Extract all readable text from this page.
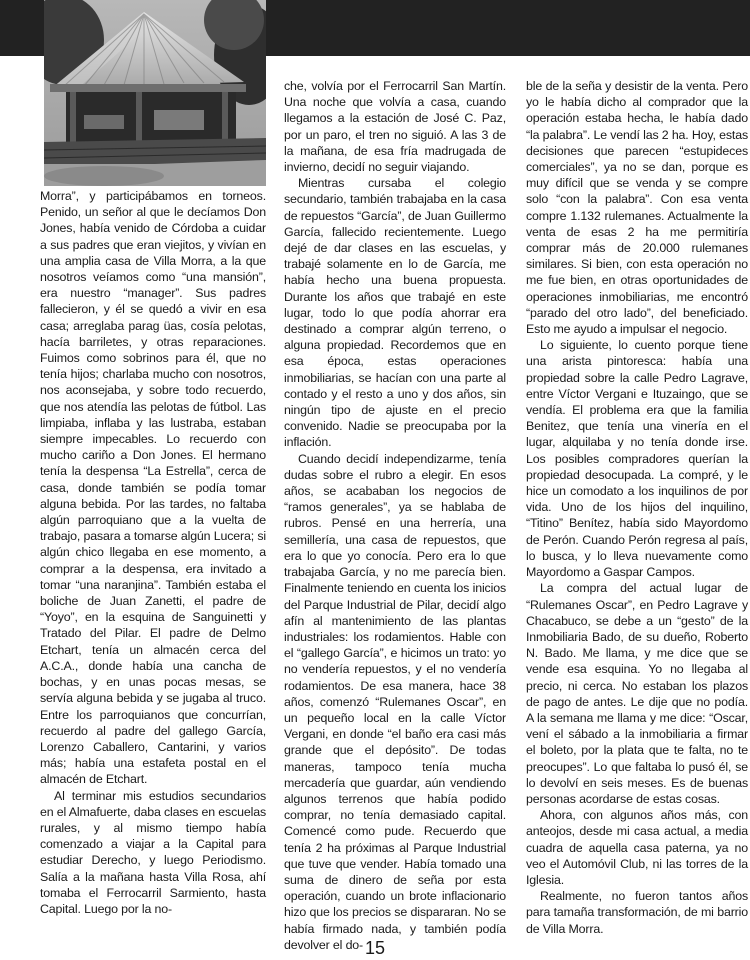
Morra”, y participábamos en torneos. Penido, un señor al que le decíamos Don Jones, había venido de Córdoba a cuidar a sus padres que eran viejitos, y vivían en una amplia casa de Villa Morra, a la que nosotros veíamos como “una mansión”, era nuestro “manager”. Sus padres fallecieron, y él se quedó a vivir en esa casa; arreglaba parag üas, cosía pelotas, hacía barriletes, y otras reparaciones. Fuimos como sobrinos para él, que no tenía hijos; charlaba mucho con nosotros, nos aconsejaba, y sobre todo recuerdo, que nos atendía las pelotas de fútbol. Las limpiaba, inflaba y las lustraba, estaban siempre impecables. Lo recuerdo con mucho cariño a Don Jones. El hermano tenía la despensa “La Estrella”, cerca de casa, donde también se podía tomar alguna bebida. Por las tardes, no faltaba algún parroquiano que a la vuelta de trabajo, pasara a tomarse algún Lucera; si algún chico llegaba en ese momento, a comprar a la despensa, era invitado a tomar “una naranjina”. También estaba el boliche de Juan Zanetti, el padre de “Yoyo”, en la esquina de Sanguinetti y Tratado del Pilar. El padre de Delmo Etchart, tenía un almacén cerca del A.C.A., donde había una cancha de bochas, y en unas pocas mesas, se servía alguna bebida y se jugaba al truco. Entre los parroquianos que concurrían, recuerdo al padre del gallego García, Lorenzo Caballero, Cantarini, y varios más; había una estafeta postal en el almacén de Etchart.

Al terminar mis estudios secundarios en el Almafuerte, daba clases en escuelas rurales, y al mismo tiempo había comenzado a viajar a la Capital para estudiar Derecho, y luego Periodismo. Salía a la mañana hasta Villa Rosa, ahí tomaba el Ferrocarril Sarmiento, hasta Capital. Luego por la no-

che, volvía por el Ferrocarril San Martín. Una noche que volvía a casa, cuando llegamos a la estación de José C. Paz, por un paro, el tren no siguió. A las 3 de la mañana, de esa fría madrugada de invierno, decidí no seguir viajando.

Mientras cursaba el colegio secundario, también trabajaba en la casa de repuestos “García”, de Juan Guillermo García, fallecido recientemente. Luego dejé de dar clases en las escuelas, y trabajé solamente en lo de García, me había hecho una buena propuesta. Durante los años que trabajé en este lugar, todo lo que podía ahorrar era destinado a comprar algún terreno, o alguna propiedad. Recordemos que en esa época, estas operaciones inmobiliarias, se hacían con una parte al contado y el resto a uno y dos años, sin ningún tipo de ajuste en el precio convenido. Nadie se preocupaba por la inflación.

Cuando decidí independizarme, tenía dudas sobre el rubro a elegir. En esos años, se acababan los negocios de “ramos generales”, ya se hablaba de rubros. Pensé en una herrería, una semillería, una casa de repuestos, que era lo que yo conocía. Pero era lo que trabajaba García, y no me parecía bien. Finalmente teniendo en cuenta los inicios del Parque Industrial de Pilar, decidí algo afín al mantenimiento de las plantas industriales: los rodamientos. Hable con el “gallego García”, e hicimos un trato: yo no vendería repuestos, y el no vendería rodamientos. De esa manera, hace 38 años, comenzó “Rulemanes Oscar”, en un pequeño local en la calle Víctor Vergani, en donde “el baño era casi más grande que el depósito”. De todas maneras, tampoco tenía mucha mercadería que guardar, aún vendiendo algunos terrenos que había podido comprar, no tenía demasiado capital. Comencé como pude. Recuerdo que tenía 2 ha próximas al Parque Industrial que tuve que vender. Había tomado una suma de dinero de seña por esta operación, cuando un brote inflacionario hizo que los precios se dispararan. No se había firmado nada, y también podía devolver el do-

ble de la seña y desistir de la venta. Pero yo le había dicho al comprador que la operación estaba hecha, le había dado “la palabra”. Le vendí las 2 ha. Hoy, estas decisiones que parecen “estupideces comerciales”, ya no se dan, porque es muy difícil que se venda y se compre solo “con la palabra”. Con esa venta compre 1.132 rulemanes. Actualmente la venta de esas 2 ha me permitiría comprar más de 20.000 rulemanes similares. Si bien, con esta operación no me fue bien, en otras oportunidades de operaciones inmobiliarias, me encontró “parado del otro lado”, del beneficiado. Esto me ayudo a impulsar el negocio.

Lo siguiente, lo cuento porque tiene una arista pintoresca: había una propiedad sobre la calle Pedro Lagrave, entre Víctor Vergani e Ituzaingo, que se vendía. El problema era que la familia Benitez, que tenía una vinería en el lugar, alquilaba y no tenía donde irse. Los posibles compradores querían la propiedad desocupada. La compré, y le hice un comodato a los inquilinos de por vida. Uno de los hijos del inquilino, “Titino” Benítez, había sido Mayordomo de Perón. Cuando Perón regresa al país, lo busca, y lo lleva nuevamente como Mayordomo a Gaspar Campos.

La compra del actual lugar de “Rulemanes Oscar”, en Pedro Lagrave y Chacabuco, se debe a un “gesto” de la Inmobiliaria Bado, de su dueño, Roberto N. Bado. Me llama, y me dice que se vende esa esquina. Yo no llegaba al precio, ni cerca. No estaban los plazos de pago de antes. Le dije que no podía. A la semana me llama y me dice: “Oscar, vení el sábado a la inmobiliaria a firmar el boleto, por la plata que te falta, no te preocupes”. Lo que faltaba lo pusó él, se lo devolví en seis meses. Es de buenas personas acordarse de estas cosas.

Ahora, con algunos años más, con anteojos, desde mi casa actual, a media cuadra de aquella casa paterna, ya no veo el Automóvil Club, ni las torres de la Iglesia.

Realmente, no fueron tantos años para tamaña transformación, de mi barrio de Villa Morra.

15
